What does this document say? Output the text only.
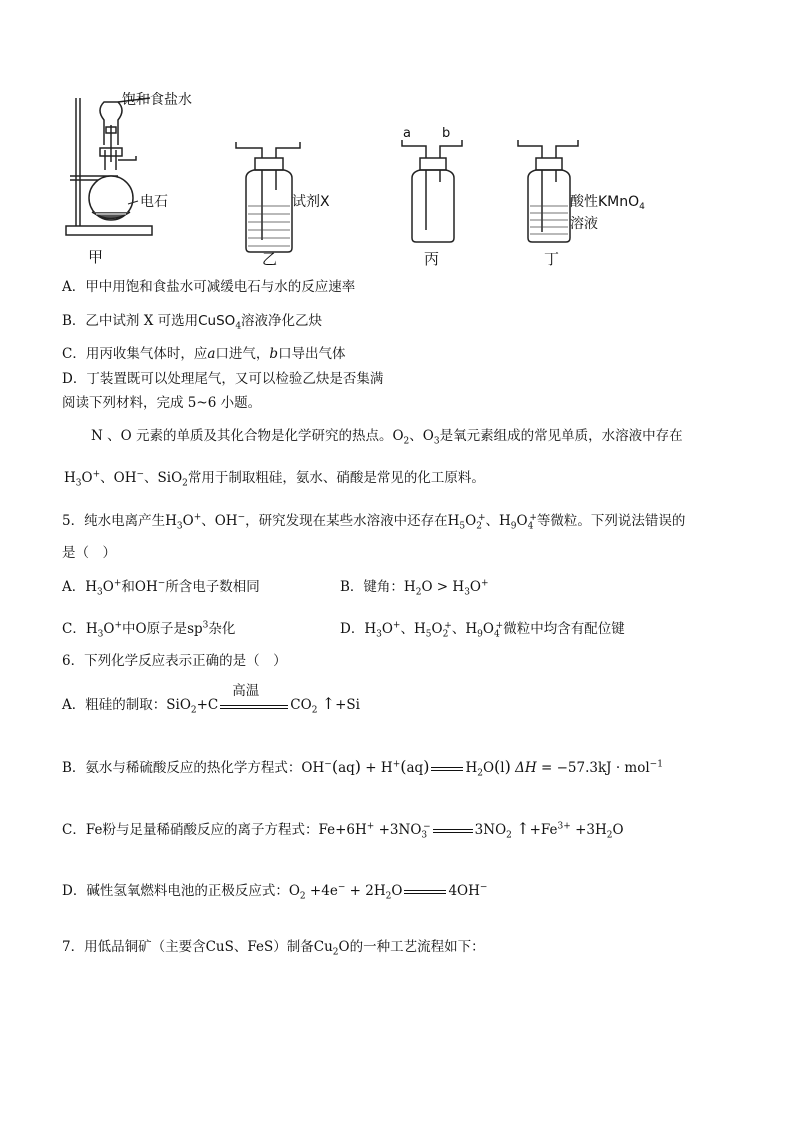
饱和食盐水
电石
甲
试剂X
乙
a b
丙
酸性KMnO$_4$
溶液
丁
A．甲中用饱和食盐水可减缓电石与水的反应速率
B．乙中试剂 X 可选用CuSO$_4$溶液净化乙炔
C．用丙收集气体时，应a口进气，b口导出气体
D．丁装置既可以处理尾气，又可以检验乙炔是否集满
阅读下列材料，完成 5~6 小题。
N 、O 元素的单质及其化合物是化学研究的热点。$O_2$、$O_3$是氧元素组成的常见单质，水溶液中存在
$H_3O^+$、OH−、SiO$_2$常用于制取粗硅，氨水、硝酸是常见的化工原料。
5．纯水电离产生$H_3O^+$、OH−，研究发现在某些水溶液中还存在$H_5O_2^+$、$H_9O_4^+$等微粒。下列说法错误的
是（　）
A．$H_3O^+$和OH−所含电子数相同	B．键角：$H_2O > H_3O^+$
C．$H_3O^+$中O原子是$sp^3$杂化	D．$H_3O^+$、$H_5O_2^+$、$H_9O_4^+$微粒中均含有配位键
6．下列化学反应表示正确的是（　）
A．粗硅的制取：SiO$_2$+C
高温
$CO_2$ ↑+Si
B．氨水与稀硫酸反应的热化学方程式：OH−(aq) + H+(aq)	$H_2O(l) \Delta H = -57.3kJ \cdot mol^{-1}$
C．Fe粉与足量稀硝酸反应的离子方程式：$Fe+6H^+ +3NO_3^-$	$3NO_2$ $↑+Fe^{3+} +3H_2O$
D．碱性氢氧燃料电池的正极反应式：$O_2 +4e^- + 2H_2O$	4OH−
7．用低品铜矿（主要含CuS、FeS）制备$Cu_2O$的一种工艺流程如下：
